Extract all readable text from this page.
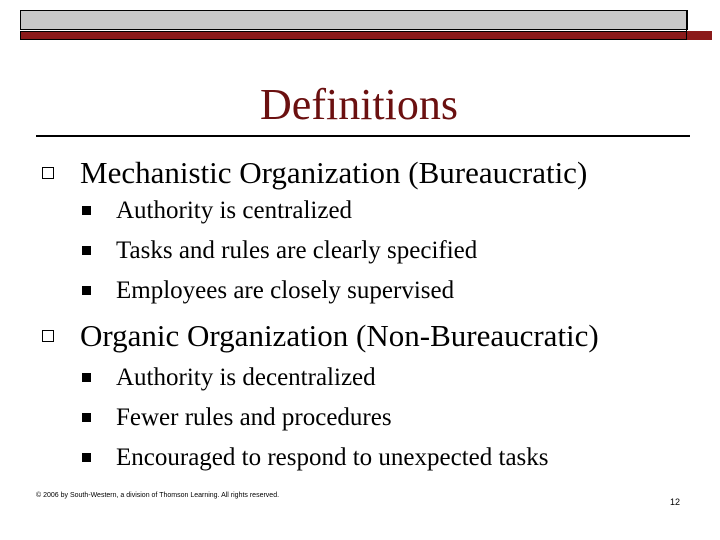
Definitions
Mechanistic Organization (Bureaucratic)
Authority is centralized
Tasks and rules are clearly specified
Employees are closely supervised
Organic Organization (Non-Bureaucratic)
Authority is decentralized
Fewer rules and procedures
Encouraged to respond to unexpected tasks
© 2006 by South-Western, a division of Thomson Learning. All rights reserved.
12
